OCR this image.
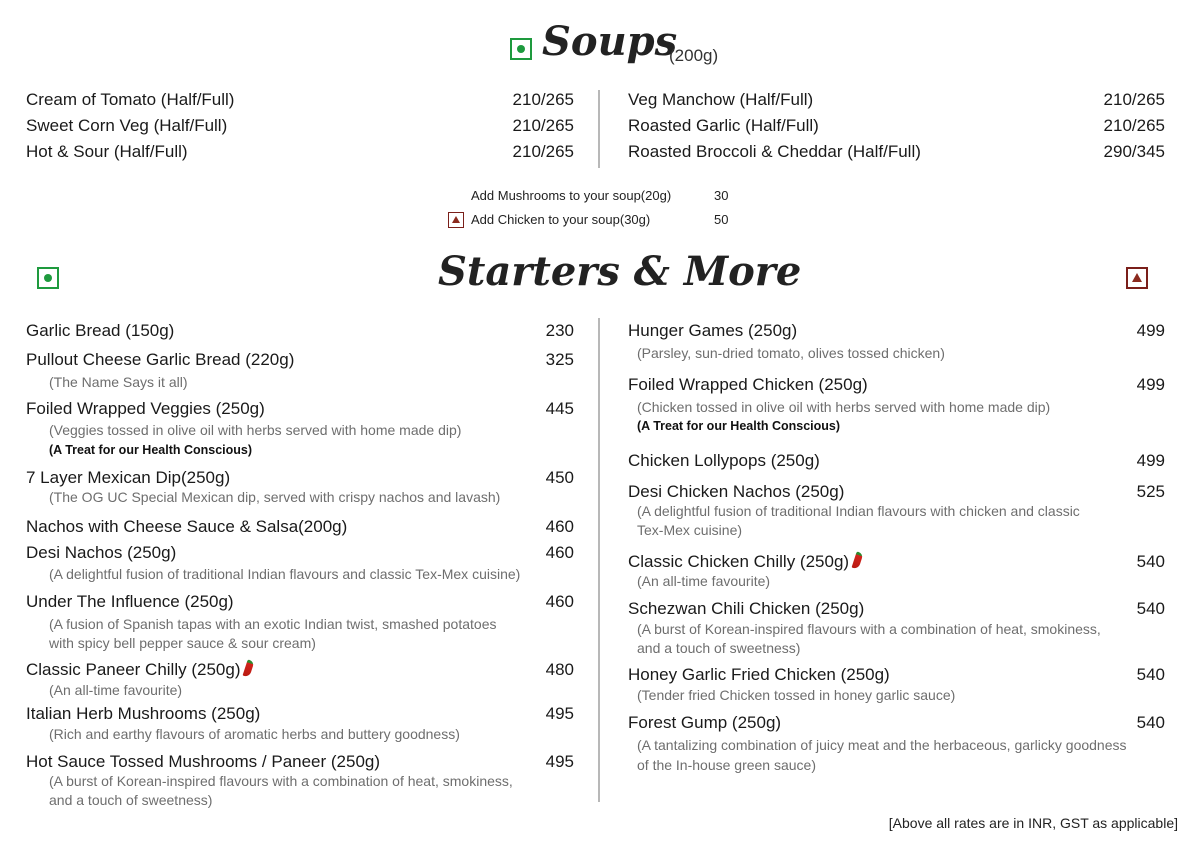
Soups
(200g)
Cream of Tomato (Half/Full)	210/265
Sweet Corn Veg (Half/Full)	210/265
Hot & Sour (Half/Full)	210/265
Veg Manchow (Half/Full)	210/265
Roasted Garlic (Half/Full)	210/265
Roasted Broccoli & Cheddar (Half/Full)	290/345
Add Mushrooms to your soup(20g)	30
Add Chicken to your soup(30g)	50
Starters & More
Garlic Bread (150g)	230
Pullout Cheese Garlic Bread (220g)	325
(The Name Says it all)
Foiled Wrapped Veggies (250g)	445
(Veggies tossed in olive oil with herbs served with home made dip)
(A Treat for our Health Conscious)
7 Layer Mexican Dip(250g)	450
(The OG UC Special Mexican dip, served with crispy nachos and lavash)
Nachos with Cheese Sauce & Salsa(200g)	460
Desi Nachos (250g)	460
(A delightful fusion of traditional Indian flavours and classic Tex-Mex cuisine)
Under The Influence (250g)	460
(A fusion of Spanish tapas with an exotic Indian twist, smashed potatoes
with spicy bell pepper sauce & sour cream)
Classic Paneer Chilly (250g)	480
(An all-time favourite)
Italian Herb Mushrooms (250g)	495
(Rich and earthy flavours of aromatic herbs and buttery goodness)
Hot Sauce Tossed Mushrooms / Paneer (250g)	495
(A burst of Korean-inspired flavours with a combination of heat, smokiness,
and a touch of sweetness)
Hunger Games (250g)	499
(Parsley, sun-dried tomato, olives tossed chicken)
Foiled Wrapped Chicken (250g)	499
(Chicken tossed in olive oil with herbs served with home made dip)
(A Treat for our Health Conscious)
Chicken Lollypops (250g)	499
Desi Chicken Nachos (250g)	525
(A delightful fusion of traditional Indian flavours with chicken and classic
Tex-Mex cuisine)
Classic Chicken Chilly (250g)	540
(An all-time favourite)
Schezwan Chili Chicken (250g)	540
(A burst of Korean-inspired flavours with a combination of heat, smokiness,
and a touch of sweetness)
Honey Garlic Fried Chicken (250g)	540
(Tender fried Chicken tossed in honey garlic sauce)
Forest Gump (250g)	540
(A tantalizing combination of juicy meat and the herbaceous, garlicky goodness
of the In-house green sauce)
[Above all rates are in INR, GST as applicable]
